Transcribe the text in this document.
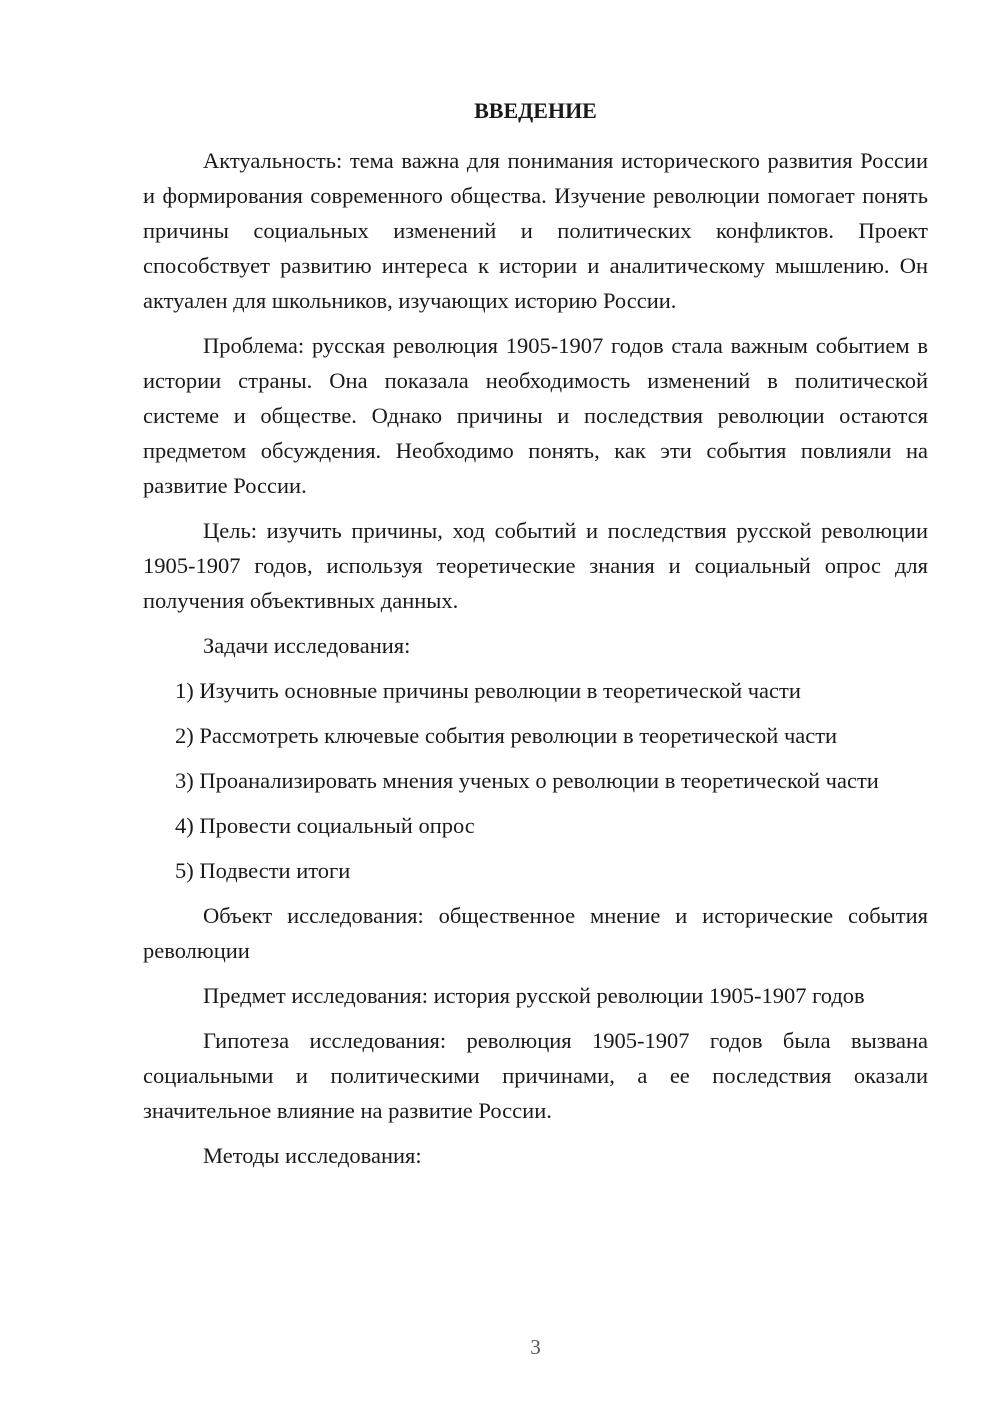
ВВЕДЕНИЕ

Актуальность: тема важна для понимания исторического развития России и формирования современного общества. Изучение революции помогает понять причины социальных изменений и политических конфликтов. Проект способствует развитию интереса к истории и аналитическому мышлению. Он актуален для школьников, изучающих историю России.

Проблема: русская революция 1905-1907 годов стала важным событием в истории страны. Она показала необходимость изменений в политической системе и обществе. Однако причины и последствия революции остаются предметом обсуждения. Необходимо понять, как эти события повлияли на развитие России.

Цель: изучить причины, ход событий и последствия русской революции 1905-1907 годов, используя теоретические знания и социальный опрос для получения объективных данных.

Задачи исследования:

1) Изучить основные причины революции в теоретической части

2) Рассмотреть ключевые события революции в теоретической части

3) Проанализировать мнения ученых о революции в теоретической части

4) Провести социальный опрос

5) Подвести итоги

Объект исследования: общественное мнение и исторические события революции

Предмет исследования: история русской революции 1905-1907 годов

Гипотеза исследования: революция 1905-1907 годов была вызвана социальными и политическими причинами, а ее последствия оказали значительное влияние на развитие России.

Методы исследования:

3
